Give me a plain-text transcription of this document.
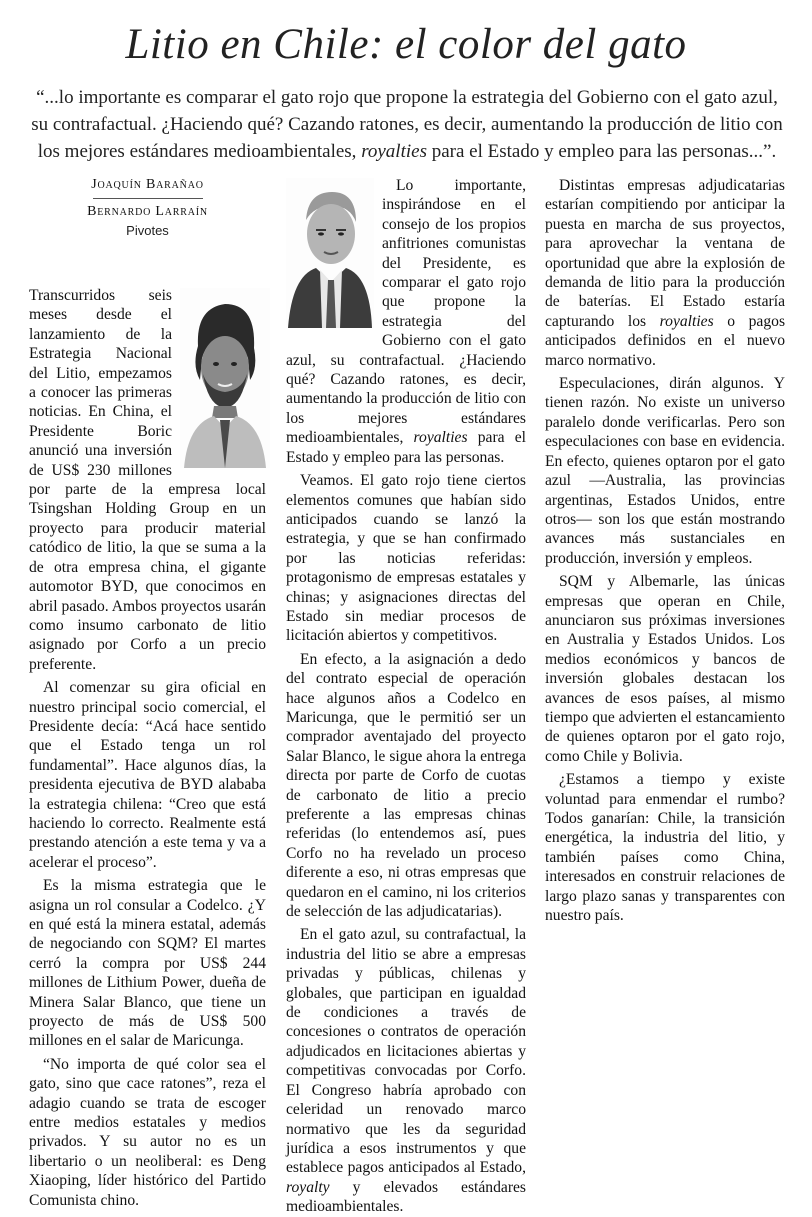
Litio en Chile: el color del gato
“...lo importante es comparar el gato rojo que propone la estrategia del Gobierno con el gato azul, su contrafactual. ¿Haciendo qué? Cazando ratones, es decir, aumentando la producción de litio con los mejores estándares medioambientales, royalties para el Estado y empleo para las personas...”.
Joaquín Barañao
Bernardo Larraín
Pivotes

Transcurridos seis meses desde el lanzamiento de la Estrategia Nacional del Litio, empezamos a conocer las primeras noticias. En China, el Presidente Boric anunció una inversión de US$ 230 millones por parte de la empresa local Tsingshan Holding Group en un proyecto para producir material catódico de litio, la que se suma a la de otra empresa china, el gigante automotor BYD, que conocimos en abril pasado. Ambos proyectos usarán como insumo carbonato de litio asignado por Corfo a un precio preferente.

Al comenzar su gira oficial en nuestro principal socio comercial, el Presidente decía: “Acá hace sentido que el Estado tenga un rol fundamental”. Hace algunos días, la presidenta ejecutiva de BYD alababa la estrategia chilena: “Creo que está haciendo lo correcto. Realmente está prestando atención a este tema y va a acelerar el proceso”.

Es la misma estrategia que le asigna un rol consular a Codelco. ¿Y en qué está la minera estatal, además de negociando con SQM? El martes cerró la compra por US$ 244 millones de Lithium Power, dueña de Minera Salar Blanco, que tiene un proyecto de más de US$ 500 millones en el salar de Maricunga.

“No importa de qué color sea el gato, sino que cace ratones”, reza el adagio cuando se trata de escoger entre medios estatales y medios privados. Y su autor no es un libertario o un neoliberal: es Deng Xiaoping, líder histórico del Partido Comunista chino.

Lo importante, inspirándose en el consejo de los propios anfitriones comunistas del Presidente, es comparar el gato rojo que propone la estrategia del Gobierno con el gato azul, su contrafactual. ¿Haciendo qué? Cazando ratones, es decir, aumentando la producción de litio con los mejores estándares medioambientales, royalties para el Estado y empleo para las personas.

Veamos. El gato rojo tiene ciertos elementos comunes que habían sido anticipados cuando se lanzó la estrategia, y que se han confirmado por las noticias referidas: protagonismo de empresas estatales y chinas; y asignaciones directas del Estado sin mediar procesos de licitación abiertos y competitivos.

En efecto, a la asignación a dedo del contrato especial de operación hace algunos años a Codelco en Maricunga, que le permitió ser un comprador aventajado del proyecto Salar Blanco, le sigue ahora la entrega directa por parte de Corfo de cuotas de carbonato de litio a precio preferente a las empresas chinas referidas (lo entendemos así, pues Corfo no ha revelado un proceso diferente a eso, ni otras empresas que quedaron en el camino, ni los criterios de selección de las adjudicatarias).

En el gato azul, su contrafactual, la industria del litio se abre a empresas privadas y públicas, chilenas y globales, que participan en igualdad de condiciones a través de concesiones o contratos de operación adjudicados en licitaciones abiertas y competitivas convocadas por Corfo. El Congreso habría aprobado con celeridad un renovado marco normativo que les da seguridad jurídica a esos instrumentos y que establece pagos anticipados al Estado, royalty y elevados estándares medioambientales.

Distintas empresas adjudicatarias estarían compitiendo por anticipar la puesta en marcha de sus proyectos, para aprovechar la ventana de oportunidad que abre la explosión de demanda de litio para la producción de baterías. El Estado estaría capturando los royalties o pagos anticipados definidos en el nuevo marco normativo.

Especulaciones, dirán algunos. Y tienen razón. No existe un universo paralelo donde verificarlas. Pero son especulaciones con base en evidencia. En efecto, quienes optaron por el gato azul —Australia, las provincias argentinas, Estados Unidos, entre otros— son los que están mostrando avances más sustanciales en producción, inversión y empleos.

SQM y Albemarle, las únicas empresas que operan en Chile, anunciaron sus próximas inversiones en Australia y Estados Unidos. Los medios económicos y bancos de inversión globales destacan los avances de esos países, al mismo tiempo que advierten el estancamiento de quienes optaron por el gato rojo, como Chile y Bolivia.

¿Estamos a tiempo y existe voluntad para enmendar el rumbo? Todos ganarían: Chile, la transición energética, la industria del litio, y también países como China, interesados en construir relaciones de largo plazo sanas y transparentes con nuestro país.
